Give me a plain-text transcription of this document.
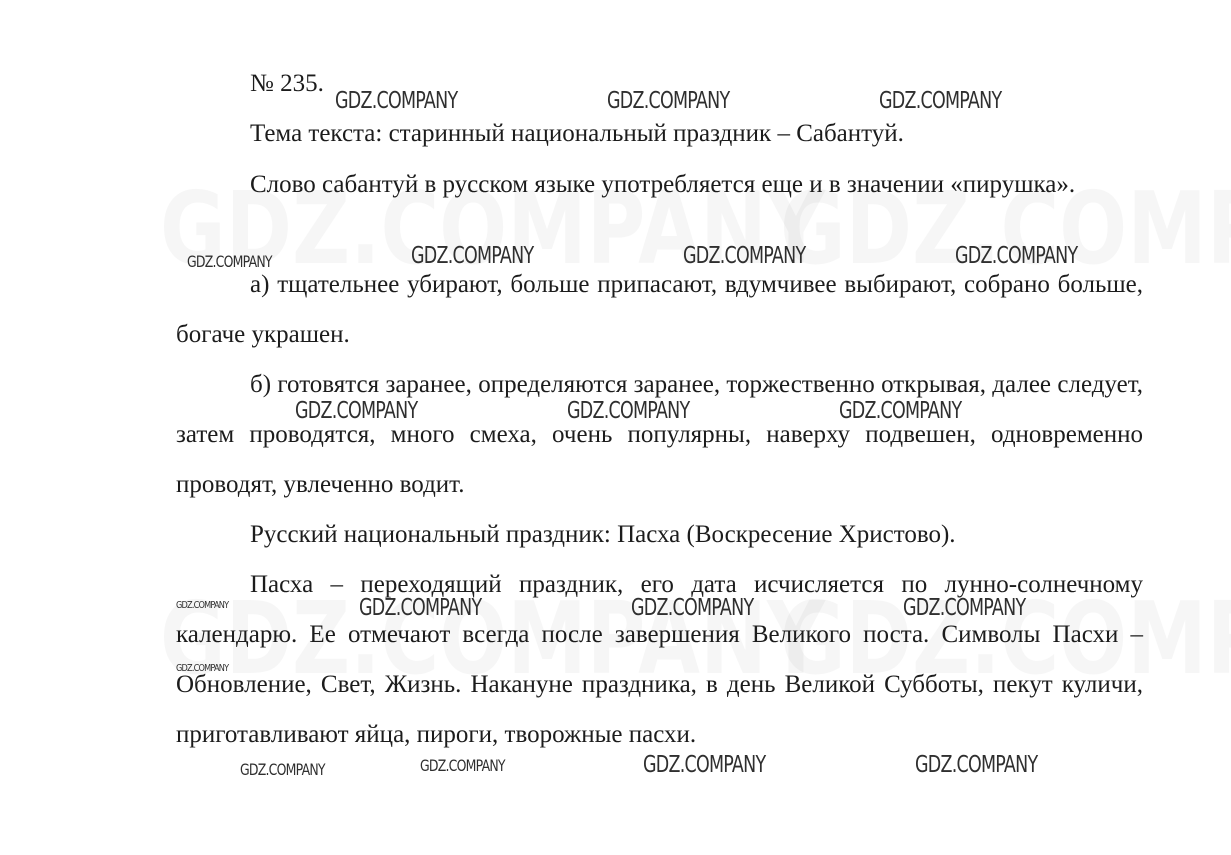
№ 235.
Тема текста: старинный национальный праздник – Сабантуй.
Слово сабантуй в русском языке употребляется еще и в значении «пирушка».
а) тщательнее убирают, больше припасают, вдумчивее выбирают, собрано больше, богаче украшен.
б) готовятся заранее, определяются заранее, торжественно открывая, далее следует, затем проводятся, много смеха, очень популярны, наверху подвешен, одновременно проводят, увлеченно водит.
Русский национальный праздник: Пасха (Воскресение Христово).
Пасха – переходящий праздник, его дата исчисляется по лунно-солнечному календарю. Ее отмечают всегда после завершения Великого поста. Символы Пасхи – Обновление, Свет, Жизнь. Накануне праздника, в день Великой Субботы, пекут куличи, приготавливают яйца, пироги, творожные пасхи.
GDZ.COMPANY	GDZ.COMPANY	GDZ.COMPANY
GDZ.COMPANY	GDZ.COMPANY	GDZ.COMPANY	GDZ.COMPANY
GDZ.COMPANY	GDZ.COMPANY	GDZ.COMPANY
GDZ.COMPANY	GDZ.COMPANY	GDZ.COMPANY	GDZ.COMPANY
GDZ.COMPANY
GDZ.COMPANY	GDZ.COMPANY	GDZ.COMPANY	GDZ.COMPANY
